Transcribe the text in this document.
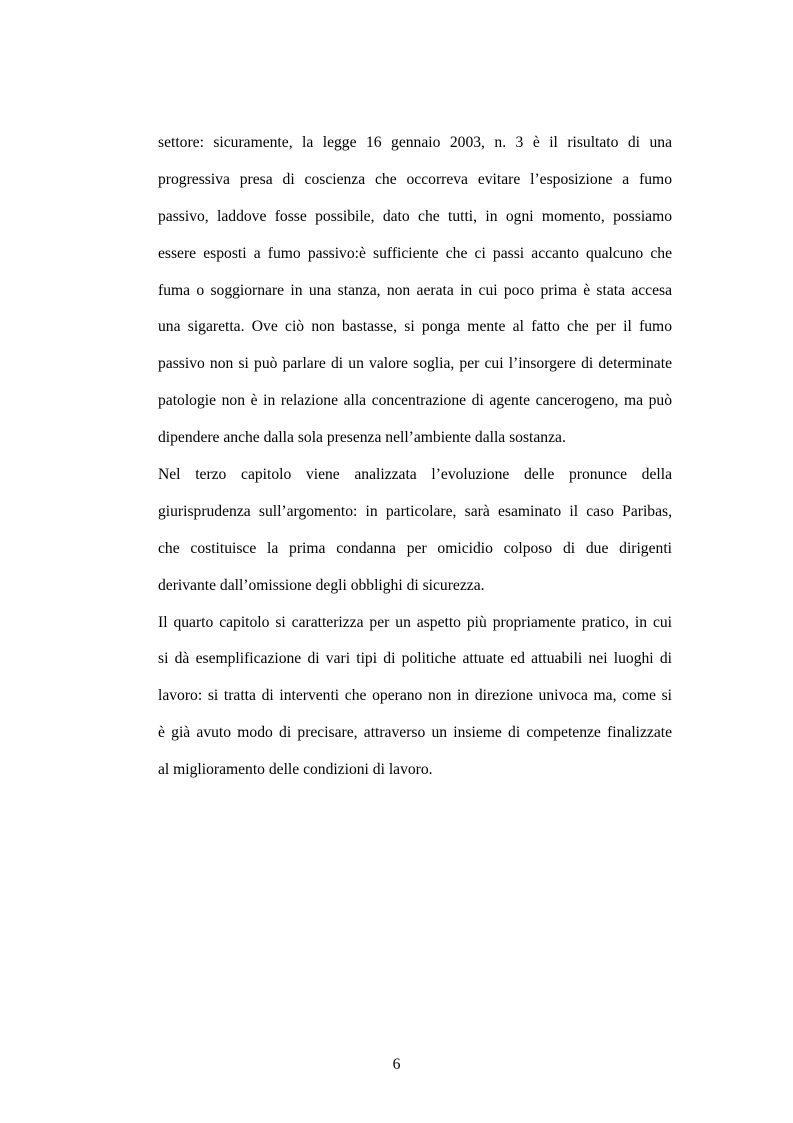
settore: sicuramente, la legge 16 gennaio 2003, n. 3 è il risultato di una
progressiva presa di coscienza che occorreva evitare l’esposizione a fumo
passivo, laddove fosse possibile, dato che tutti, in ogni momento, possiamo
essere esposti a fumo passivo:è sufficiente che ci passi accanto qualcuno che
fuma o soggiornare in una stanza, non aerata in cui poco prima è stata accesa
una sigaretta. Ove ciò non bastasse, si ponga mente al fatto che per il fumo
passivo non si può parlare di un valore soglia, per cui l’insorgere di determinate
patologie non è in relazione alla concentrazione di agente cancerogeno, ma può
dipendere anche dalla sola presenza nell’ambiente dalla sostanza.

Nel terzo capitolo viene analizzata l’evoluzione delle pronunce della
giurisprudenza sull’argomento: in particolare, sarà esaminato il caso Paribas,
che costituisce la prima condanna per omicidio colposo di due dirigenti
derivante dall’omissione degli obblighi di sicurezza.

Il quarto capitolo si caratterizza per un aspetto più propriamente pratico, in cui
si dà esemplificazione di vari tipi di politiche attuate ed attuabili nei luoghi di
lavoro: si tratta di interventi che operano non in direzione univoca ma, come si
è già avuto modo di precisare, attraverso un insieme di competenze finalizzate
al miglioramento delle condizioni di lavoro.

6
